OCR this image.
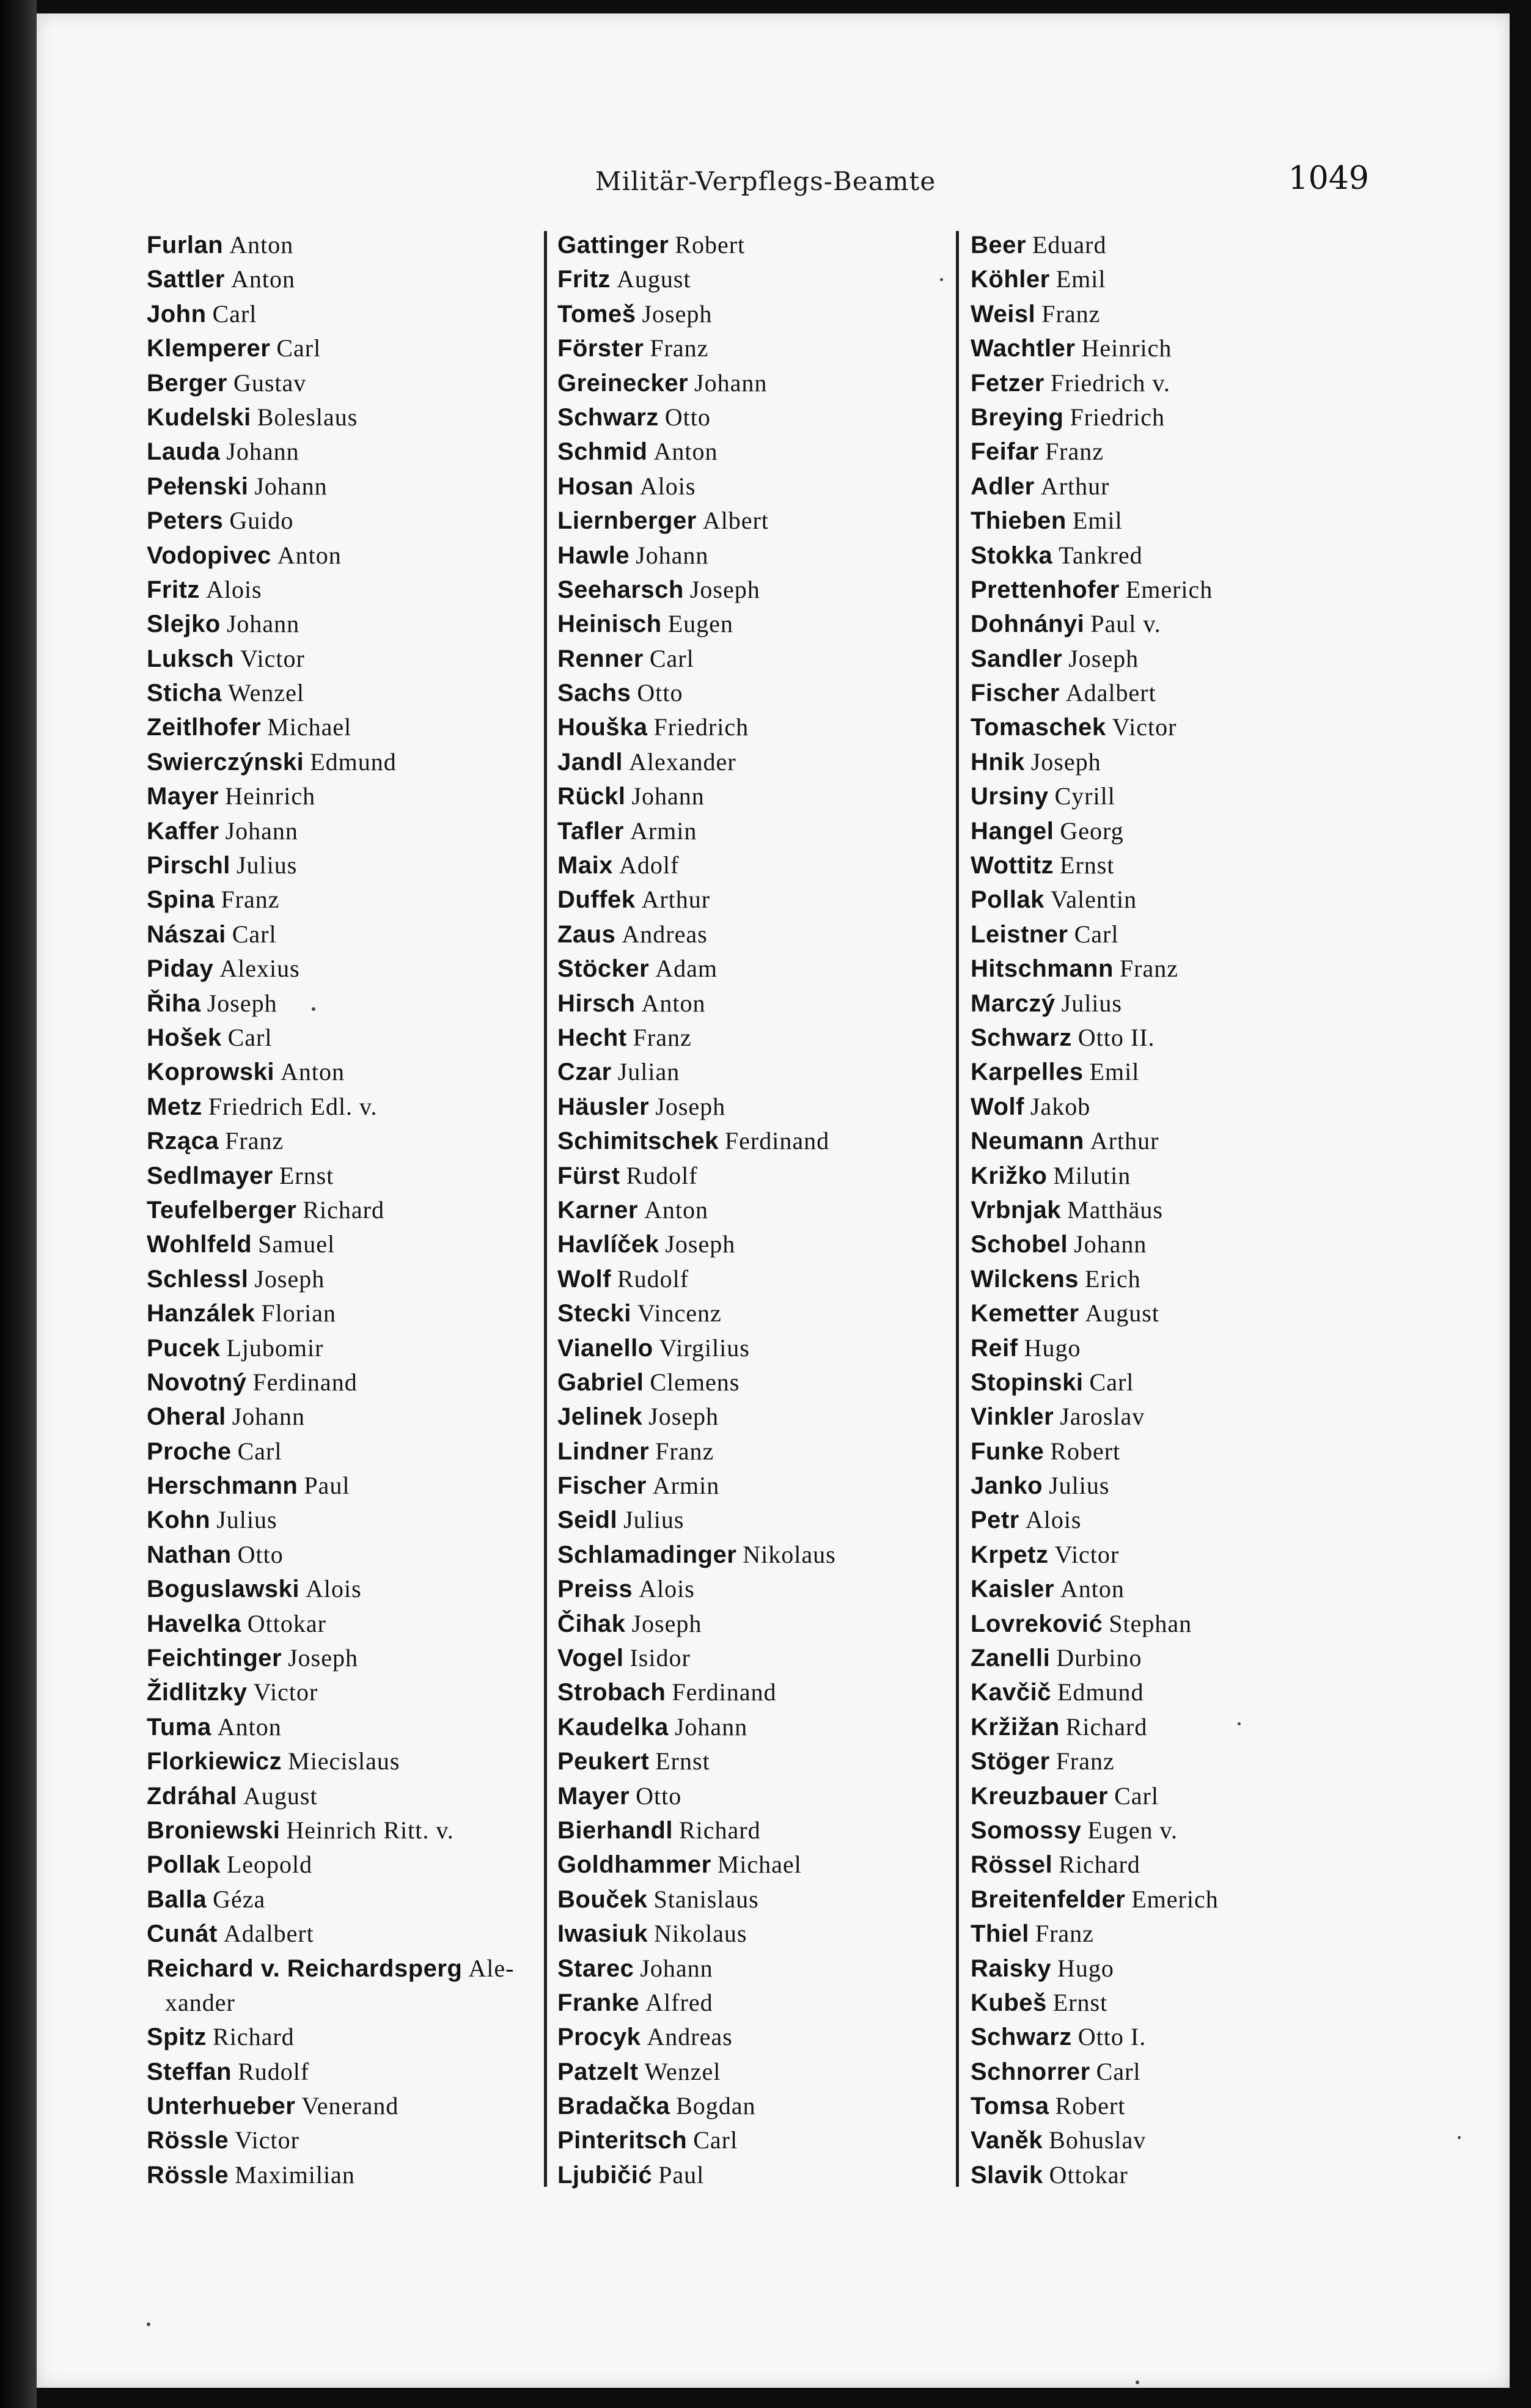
Militär-Verpflegs-Beamte	1049
Furlan Anton
Sattler Anton
John Carl
Klemperer Carl
Berger Gustav
Kudelski Boleslaus
Lauda Johann
Pełenski Johann
Peters Guido
Vodopivec Anton
Fritz Alois
Slejko Johann
Luksch Victor
Sticha Wenzel
Zeitlhofer Michael
Swierczýnski Edmund
Mayer Heinrich
Kaffer Johann
Pirschl Julius
Spina Franz
Nászai Carl
Piday Alexius
Řiha Joseph
Hošek Carl
Koprowski Anton
Metz Friedrich Edl. v.
Rząca Franz
Sedlmayer Ernst
Teufelberger Richard
Wohlfeld Samuel
Schlessl Joseph
Hanzálek Florian
Pucek Ljubomir
Novotný Ferdinand
Oheral Johann
Proche Carl
Herschmann Paul
Kohn Julius
Nathan Otto
Boguslawski Alois
Havelka Ottokar
Feichtinger Joseph
Židlitzky Victor
Tuma Anton
Florkiewicz Miecislaus
Zdráhal August
Broniewski Heinrich Ritt. v.
Pollak Leopold
Balla Géza
Cunát Adalbert
Reichard v. Reichardsperg Ale-
xander
Spitz Richard
Steffan Rudolf
Unterhueber Venerand
Rössle Victor
Rössle Maximilian
Gattinger Robert
Fritz August
Tomeš Joseph
Förster Franz
Greinecker Johann
Schwarz Otto
Schmid Anton
Hosan Alois
Liernberger Albert
Hawle Johann
Seeharsch Joseph
Heinisch Eugen
Renner Carl
Sachs Otto
Houška Friedrich
Jandl Alexander
Rückl Johann
Tafler Armin
Maix Adolf
Duffek Arthur
Zaus Andreas
Stöcker Adam
Hirsch Anton
Hecht Franz
Czar Julian
Häusler Joseph
Schimitschek Ferdinand
Fürst Rudolf
Karner Anton
Havlíček Joseph
Wolf Rudolf
Stecki Vincenz
Vianello Virgilius
Gabriel Clemens
Jelinek Joseph
Lindner Franz
Fischer Armin
Seidl Julius
Schlamadinger Nikolaus
Preiss Alois
Čihak Joseph
Vogel Isidor
Strobach Ferdinand
Kaudelka Johann
Peukert Ernst
Mayer Otto
Bierhandl Richard
Goldhammer Michael
Bouček Stanislaus
Iwasiuk Nikolaus
Starec Johann
Franke Alfred
Procyk Andreas
Patzelt Wenzel
Bradačka Bogdan
Pinteritsch Carl
Ljubičić Paul
Beer Eduard
Köhler Emil
Weisl Franz
Wachtler Heinrich
Fetzer Friedrich v.
Breying Friedrich
Feifar Franz
Adler Arthur
Thieben Emil
Stokka Tankred
Prettenhofer Emerich
Dohnányi Paul v.
Sandler Joseph
Fischer Adalbert
Tomaschek Victor
Hnik Joseph
Ursiny Cyrill
Hangel Georg
Wottitz Ernst
Pollak Valentin
Leistner Carl
Hitschmann Franz
Marczý Julius
Schwarz Otto II.
Karpelles Emil
Wolf Jakob
Neumann Arthur
Križko Milutin
Vrbnjak Matthäus
Schobel Johann
Wilckens Erich
Kemetter August
Reif Hugo
Stopinski Carl
Vinkler Jaroslav
Funke Robert
Janko Julius
Petr Alois
Krpetz Victor
Kaisler Anton
Lovreković Stephan
Zanelli Durbino
Kavčič Edmund
Kržižan Richard
Stöger Franz
Kreuzbauer Carl
Somossy Eugen v.
Rössel Richard
Breitenfelder Emerich
Thiel Franz
Raisky Hugo
Kubeš Ernst
Schwarz Otto I.
Schnorrer Carl
Tomsa Robert
Vaněk Bohuslav
Slavik Ottokar
